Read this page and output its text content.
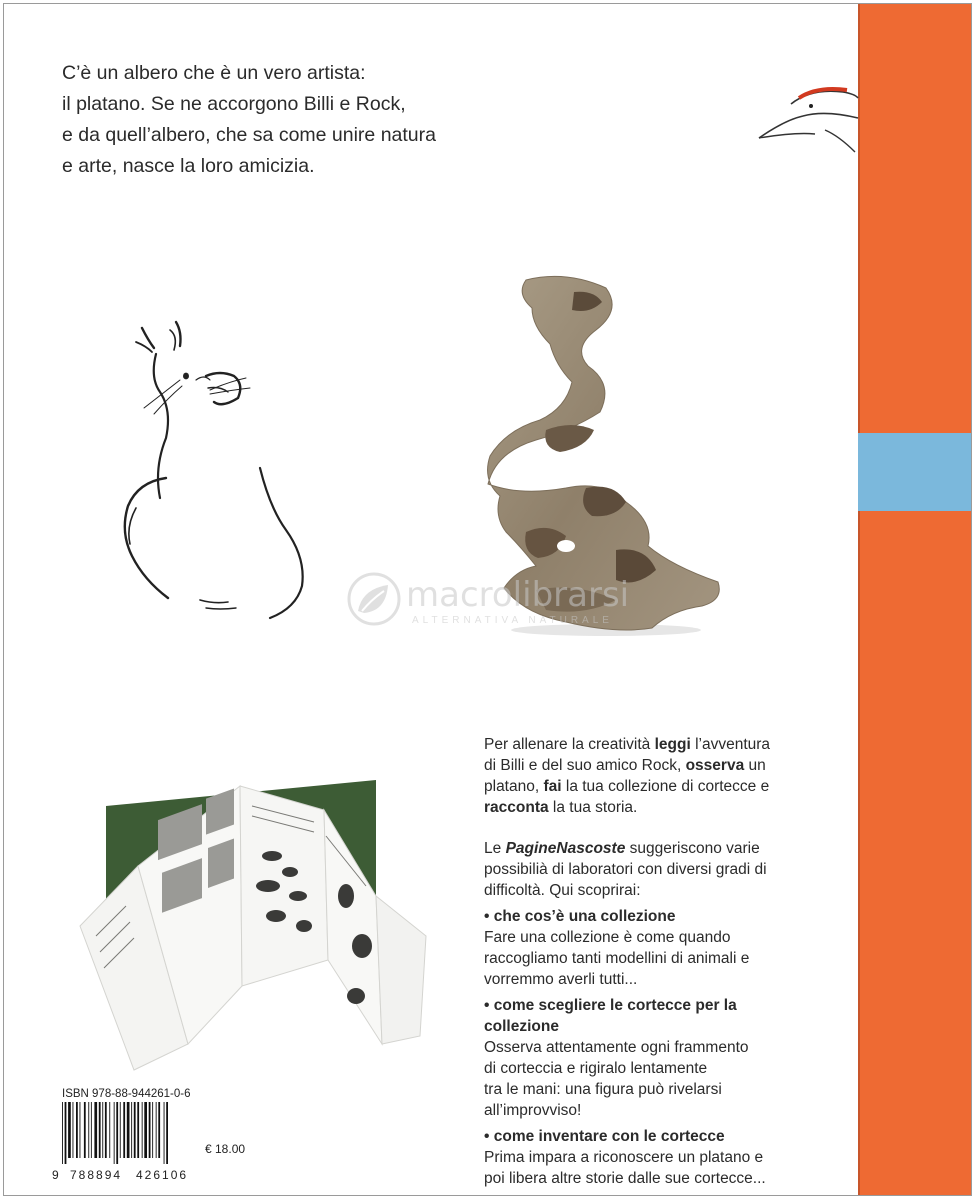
C’è un albero che è un vero artista:

il platano. Se ne accorgono Billi e Rock,

e da quell’albero, che sa come unire natura

e arte, nasce la loro amicizia.

macrolibrarsi
ALTERNATIVA NATURALE

Per allenare la creatività leggi l’avventura

di Billi e del suo amico Rock, osserva un

platano, fai la tua collezione di cortecce e

racconta la tua storia.

Le PagineNascoste suggeriscono varie

possibilià di laboratori con diversi gradi di

difficoltà. Qui scoprirai:

• che cos’è una collezione

Fare una collezione è come quando

raccogliamo tanti modellini di animali e

vorremmo averli tutti...

• come scegliere le cortecce per la

collezione

Osserva attentamente ogni frammento

di corteccia e rigiralo lentamente

tra le mani: una figura può rivelarsi

all’improvviso!

• come inventare con le cortecce

Prima impara a riconoscere un platano e

poi libera altre storie dalle sue cortecce...

ISBN 978-88-944261-0-6
9 788894 426106
€ 18.00
